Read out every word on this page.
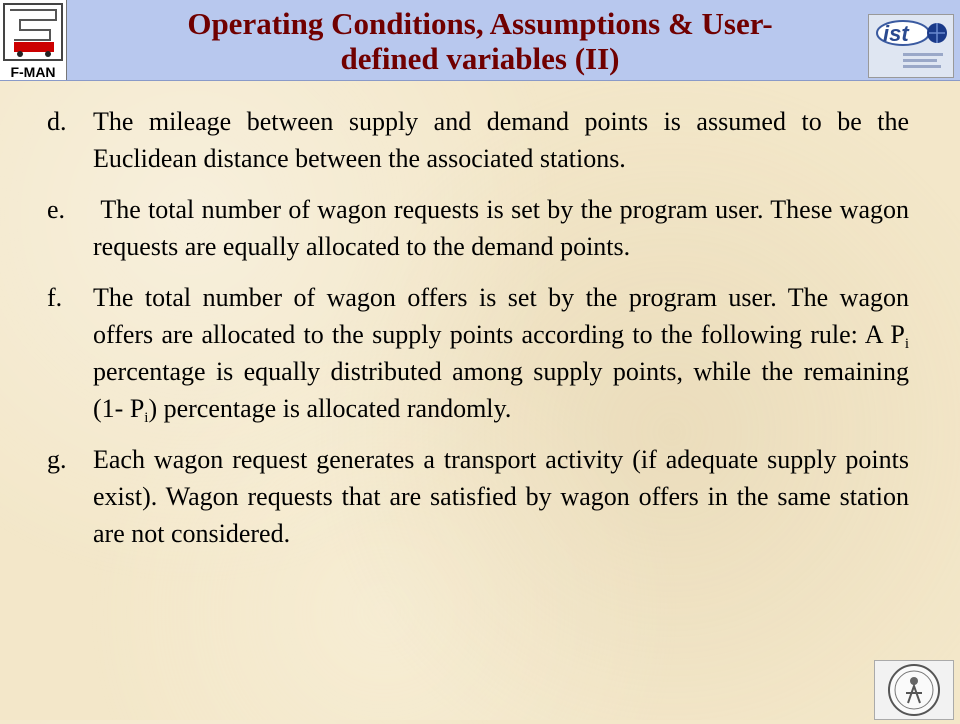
F-MAN
Operating Conditions, Assumptions & User-
defined variables (II)
ist
d.	The mileage between supply and demand points is assumed to be the Euclidean distance between the associated stations.
e.	The total number of wagon requests is set by the program user. These wagon requests are equally allocated to the demand points.
f.	The total number of wagon offers is set by the program user. The wagon offers are allocated to the supply points according to the following rule: A $P_i$ percentage is equally distributed among supply points, while the remaining (1- $P_i$) percentage is allocated randomly.
g.	Each wagon request generates a transport activity (if adequate supply points exist). Wagon requests that are satisfied by wagon offers in the same station are not considered.
